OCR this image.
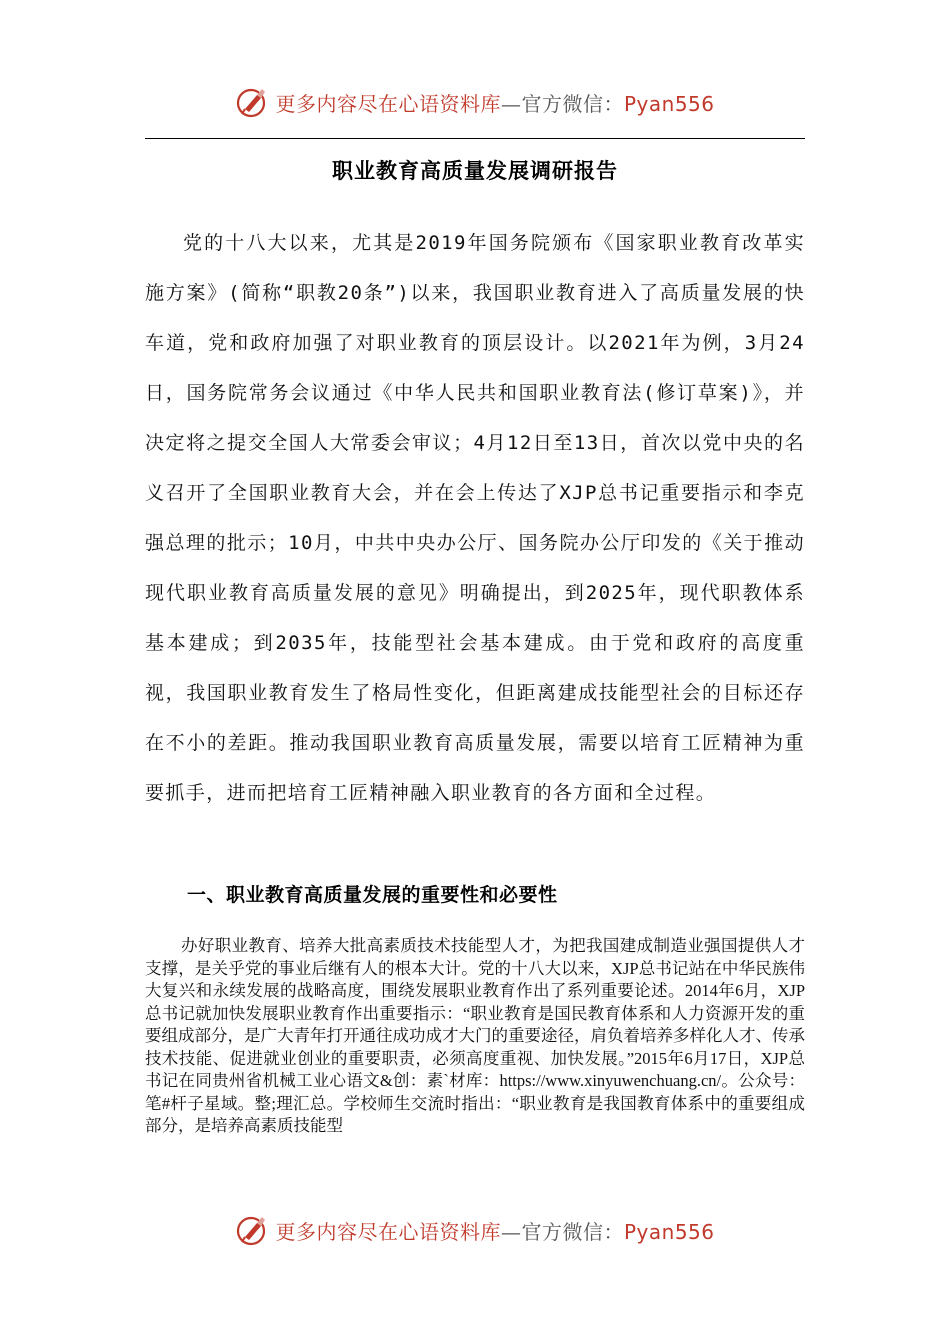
更多内容尽在心语资料库—官方微信：Pyan556
职业教育高质量发展调研报告

党的十八大以来，尤其是2019年国务院颁布《国家职业教育改革实施方案》(简称“职教20条”)以来，我国职业教育进入了高质量发展的快车道，党和政府加强了对职业教育的顶层设计。以2021年为例，3月24日，国务院常务会议通过《中华人民共和国职业教育法(修订草案)》，并决定将之提交全国人大常委会审议；4月12日至13日，首次以党中央的名义召开了全国职业教育大会，并在会上传达了XJP总书记重要指示和李克强总理的批示；10月，中共中央办公厅、国务院办公厅印发的《关于推动现代职业教育高质量发展的意见》明确提出，到2025年，现代职教体系基本建成；到2035年，技能型社会基本建成。由于党和政府的高度重视，我国职业教育发生了格局性变化，但距离建成技能型社会的目标还存在不小的差距。推动我国职业教育高质量发展，需要以培育工匠精神为重要抓手，进而把培育工匠精神融入职业教育的各方面和全过程。

一、职业教育高质量发展的重要性和必要性

办好职业教育、培养大批高素质技术技能型人才，为把我国建成制造业强国提供人才支撑，是关乎党的事业后继有人的根本大计。党的十八大以来，XJP总书记站在中华民族伟大复兴和永续发展的战略高度，围绕发展职业教育作出了系列重要论述。2014年6月，XJP总书记就加快发展职业教育作出重要指示：“职业教育是国民教育体系和人力资源开发的重要组成部分，是广大青年打开通往成功成才大门的重要途径，肩负着培养多样化人才、传承技术技能、促进就业创业的重要职责，必须高度重视、加快发展。”2015年6月17日，XJP总书记在同贵州省机械工业心语文&创：素`材库：https://www.xinyuwenchuang.cn/。公众号：笔#杆子星域。整;理汇总。学校师生交流时指出：“职业教育是我国教育体系中的重要组成部分，是培养高素质技能型

更多内容尽在心语资料库—官方微信：Pyan556
